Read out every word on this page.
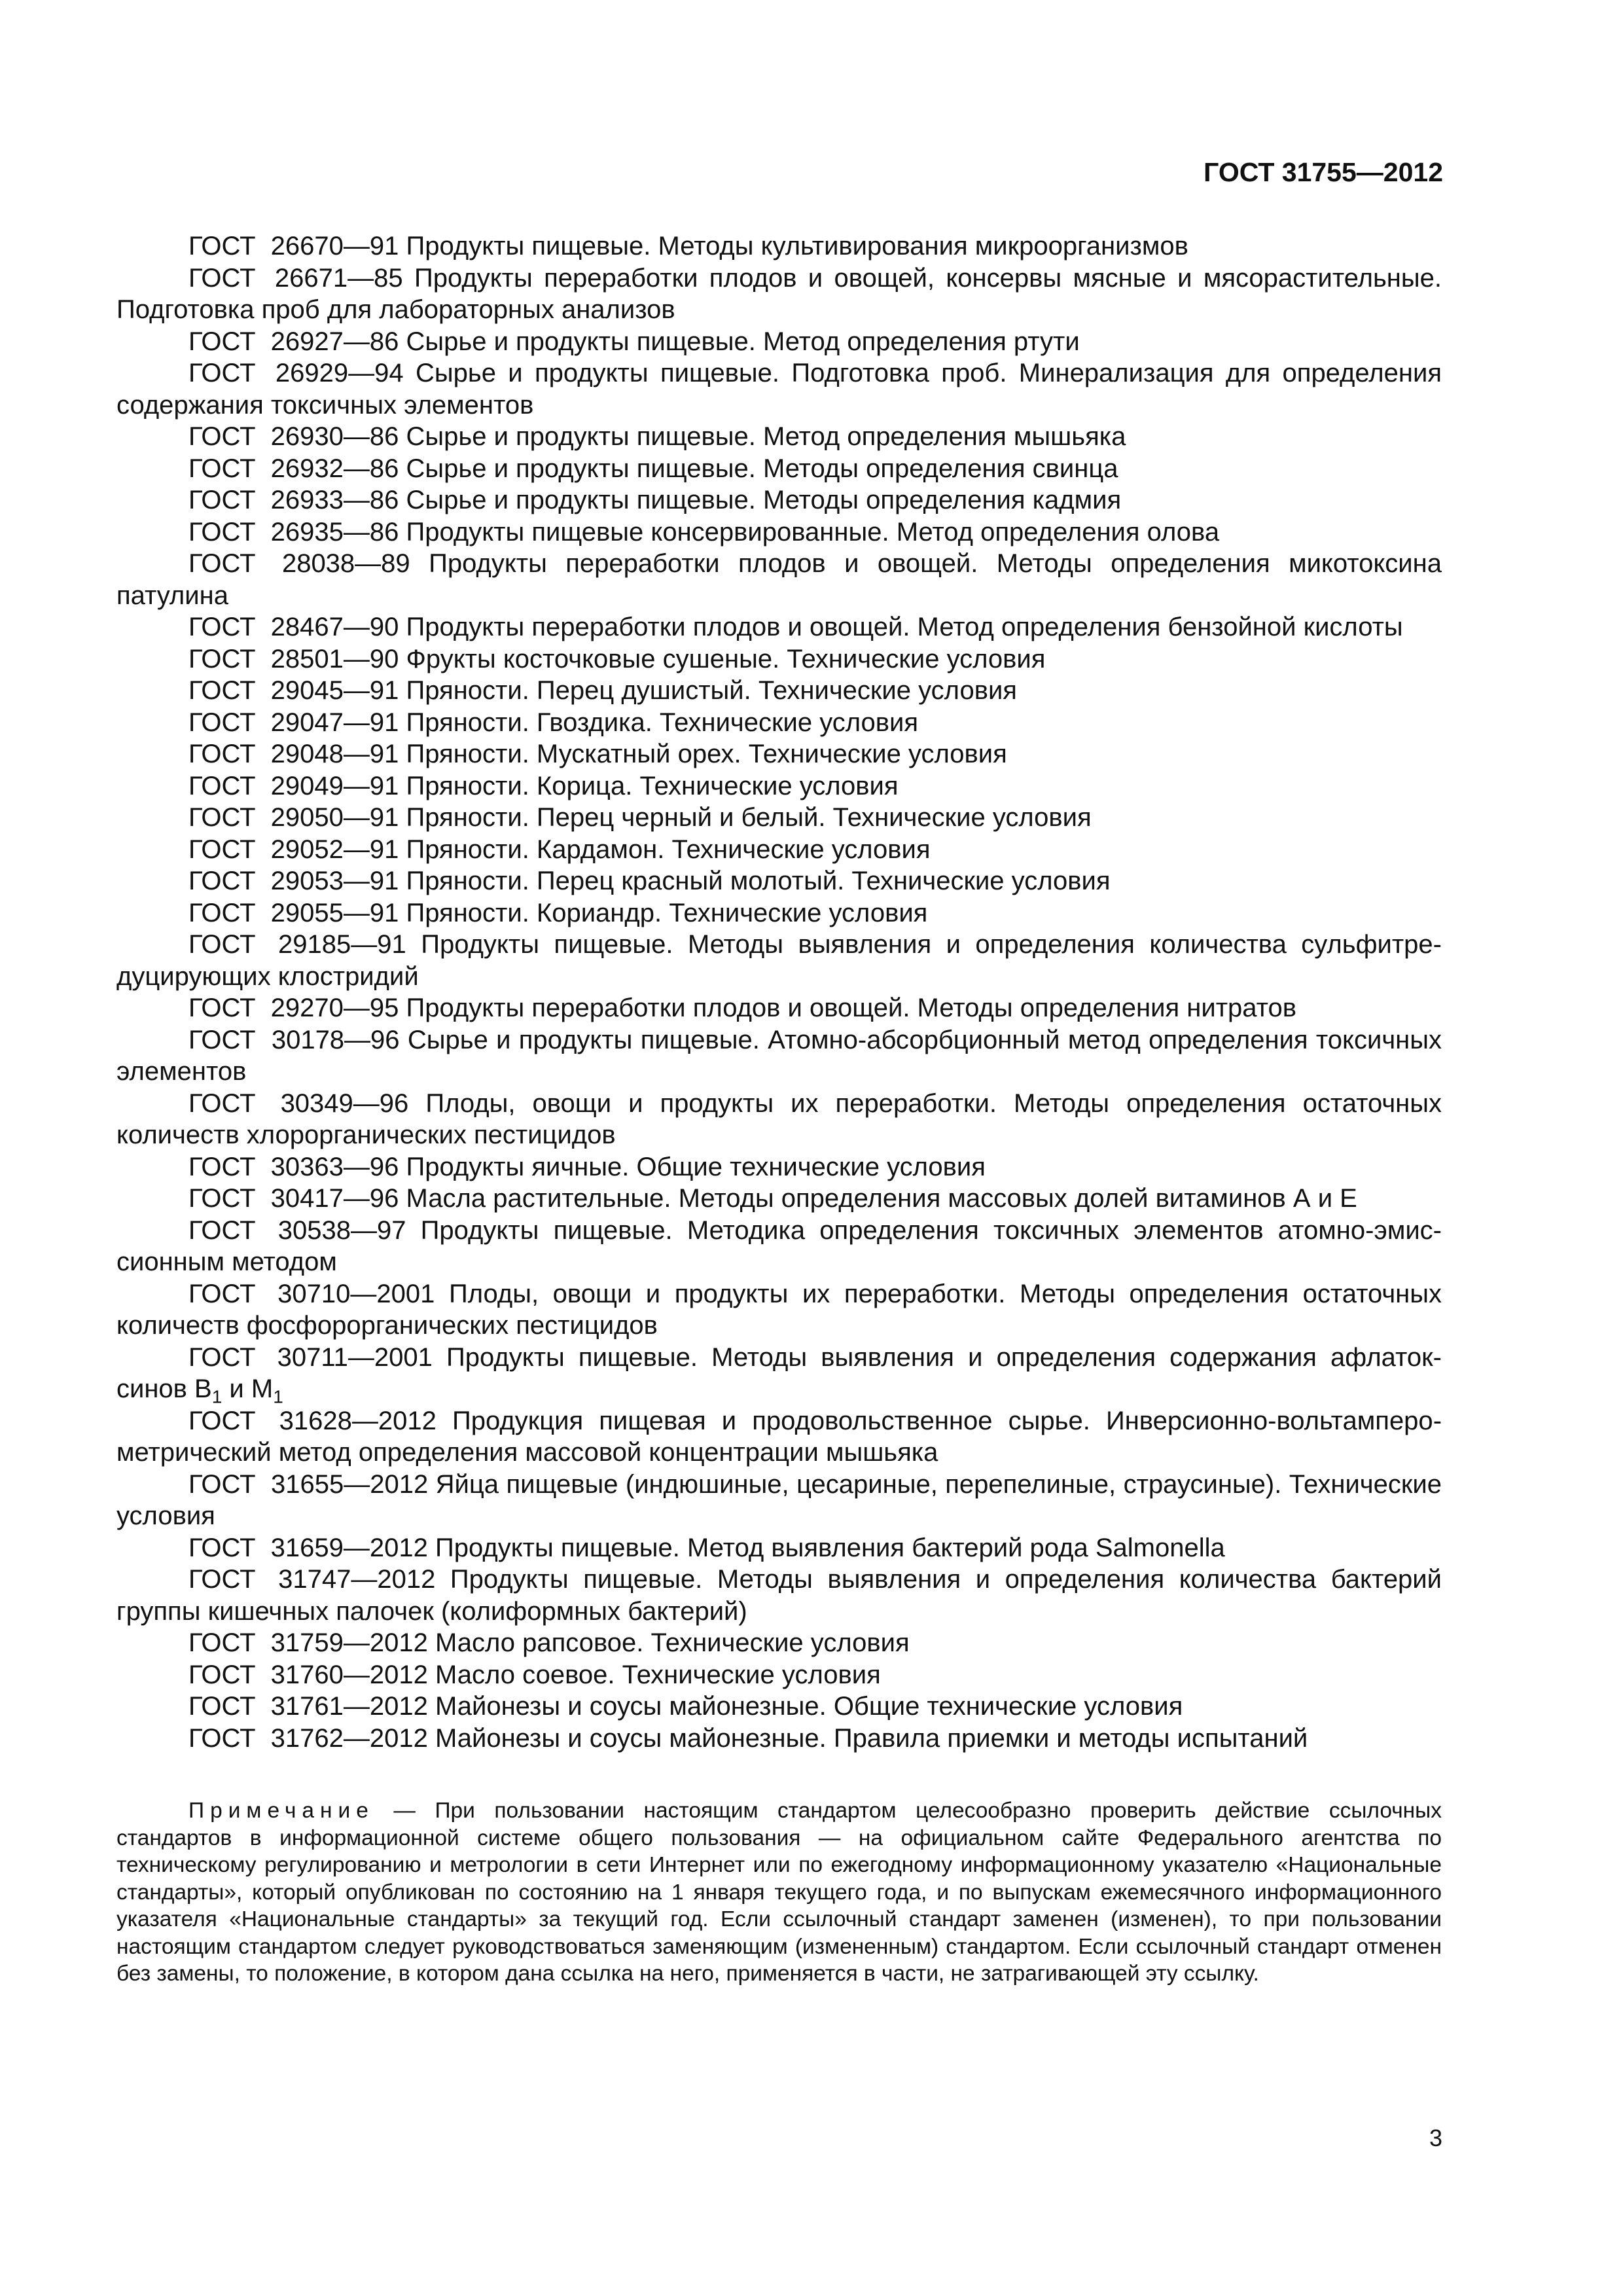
ГОСТ 31755—2012

ГОСТ 26670—91 Продукты пищевые. Методы культивирования микроорганизмов

ГОСТ 26671—85 Продукты переработки плодов и овощей, консервы мясные и мясорастительные. Подготовка проб для лабораторных анализов

ГОСТ 26927—86 Сырье и продукты пищевые. Метод определения ртути

ГОСТ 26929—94 Сырье и продукты пищевые. Подготовка проб. Минерализация для определения содержания токсичных элементов

ГОСТ 26930—86 Сырье и продукты пищевые. Метод определения мышьяка

ГОСТ 26932—86 Сырье и продукты пищевые. Методы определения свинца

ГОСТ 26933—86 Сырье и продукты пищевые. Методы определения кадмия

ГОСТ 26935—86 Продукты пищевые консервированные. Метод определения олова

ГОСТ 28038—89 Продукты переработки плодов и овощей. Методы определения микотоксина патулина

ГОСТ 28467—90 Продукты переработки плодов и овощей. Метод определения бензойной кислоты

ГОСТ 28501—90 Фрукты косточковые сушеные. Технические условия

ГОСТ 29045—91 Пряности. Перец душистый. Технические условия

ГОСТ 29047—91 Пряности. Гвоздика. Технические условия

ГОСТ 29048—91 Пряности. Мускатный орех. Технические условия

ГОСТ 29049—91 Пряности. Корица. Технические условия

ГОСТ 29050—91 Пряности. Перец черный и белый. Технические условия

ГОСТ 29052—91 Пряности. Кардамон. Технические условия

ГОСТ 29053—91 Пряности. Перец красный молотый. Технические условия

ГОСТ 29055—91 Пряности. Кориандр. Технические условия

ГОСТ 29185—91 Продукты пищевые. Методы выявления и определения количества сульфитредуцирующих клостридий

ГОСТ 29270—95 Продукты переработки плодов и овощей. Методы определения нитратов

ГОСТ 30178—96 Сырье и продукты пищевые. Атомно-абсорбционный метод определения токсичных элементов

ГОСТ 30349—96 Плоды, овощи и продукты их переработки. Методы определения остаточных количеств хлорорганических пестицидов

ГОСТ 30363—96 Продукты яичные. Общие технические условия

ГОСТ 30417—96 Масла растительные. Методы определения массовых долей витаминов А и Е

ГОСТ 30538—97 Продукты пищевые. Методика определения токсичных элементов атомно-эмиссионным методом

ГОСТ 30710—2001 Плоды, овощи и продукты их переработки. Методы определения остаточных количеств фосфорорганических пестицидов

ГОСТ 30711—2001 Продукты пищевые. Методы выявления и определения содержания афлатоксинов $B_1$ и $M_1$

ГОСТ 31628—2012 Продукция пищевая и продовольственное сырье. Инверсионно-вольтамперометрический метод определения массовой концентрации мышьяка

ГОСТ 31655—2012 Яйца пищевые (индюшиные, цесариные, перепелиные, страусиные). Технические условия

ГОСТ 31659—2012 Продукты пищевые. Метод выявления бактерий рода Salmonella

ГОСТ 31747—2012 Продукты пищевые. Методы выявления и определения количества бактерий группы кишечных палочек (колиформных бактерий)

ГОСТ 31759—2012 Масло рапсовое. Технические условия

ГОСТ 31760—2012 Масло соевое. Технические условия

ГОСТ 31761—2012 Майонезы и соусы майонезные. Общие технические условия

ГОСТ 31762—2012 Майонезы и соусы майонезные. Правила приемки и методы испытаний

Примечание — При пользовании настоящим стандартом целесообразно проверить действие ссылочных стандартов в информационной системе общего пользования — на официальном сайте Федерального агентства по техническому регулированию и метрологии в сети Интернет или по ежегодному информационному указателю «Национальные стандарты», который опубликован по состоянию на 1 января текущего года, и по выпускам ежемесячного информационного указателя «Национальные стандарты» за текущий год. Если ссылочный стандарт заменен (изменен), то при пользовании настоящим стандартом следует руководствоваться заменяющим (измененным) стандартом. Если ссылочный стандарт отменен без замены, то положение, в котором дана ссылка на него, применяется в части, не затрагивающей эту ссылку.

3
